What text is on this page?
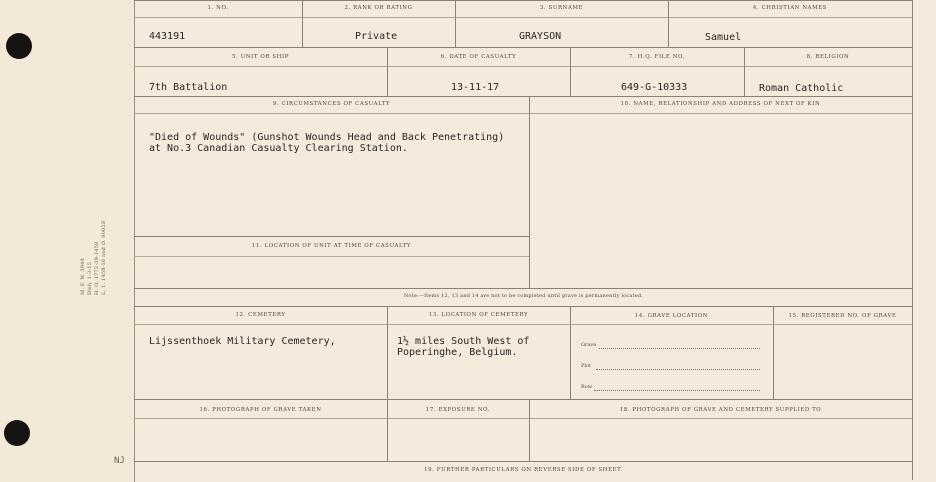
M. F. W. 3944 Dlsb. 1-3-15 H. Q. 1772-39-1458 L. 1. 1458-16 and D. 9002E
NJ
1. NO.
443191
2. RANK OR RATING
Private
3. SURNAME
GRAYSON
4. CHRISTIAN NAMES
Samuel
5. UNIT OR SHIP
7th Battalion
6. DATE OF CASUALTY
13-11-17
7. H.Q. FILE NO.
649-G-10333
8. RELIGION
Roman Catholic
9. CIRCUMSTANCES OF CASUALTY
"Died of Wounds" (Gunshot Wounds Head and Back Penetrating)
at No.3 Canadian Casualty Clearing Station.
10. NAME, RELATIONSHIP AND ADDRESS OF NEXT OF KIN
11. LOCATION OF UNIT AT TIME OF CASUALTY
Note:—Items 12, 13 and 14 are not to be completed until grave is permanently located.
12. CEMETERY
Lijssenthoek Military Cemetery,
13. LOCATION OF CEMETERY
1½ miles South West of
Poperinghe, Belgium.
14. GRAVE LOCATION
Grave
Plot
Row
15. REGISTERED NO. OF GRAVE
16. PHOTOGRAPH OF GRAVE TAKEN	17. EXPOSURE NO.	18. PHOTOGRAPH OF GRAVE AND CEMETERY SUPPLIED TO
19. FURTHER PARTICULARS ON REVERSE SIDE OF SHEET.
